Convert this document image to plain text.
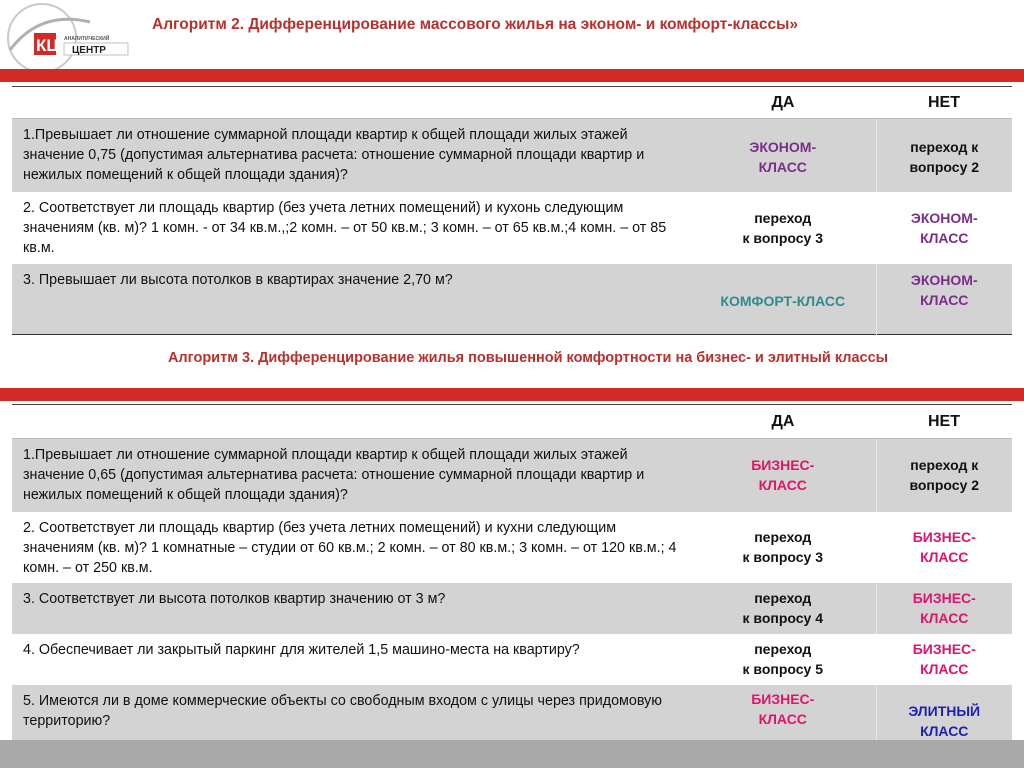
КЦ АНАЛИТИЧЕСКИЙ
ЦЕНТР
Алгоритм 2. Дифференцирование массового жилья на эконом- и комфорт-классы»
	ДА	НЕТ
1.Превышает ли отношение суммарной площади квартир к общей площади жилых этажей значение 0,75 (допустимая альтернатива расчета: отношение суммарной площади квартир и нежилых помещений к общей площади здания)?	ЭКОНОМ-
КЛАСС	переход к
вопросу 2
2. Соответствует ли площадь квартир (без учета летних помещений) и кухонь следующим значениям (кв. м)? 1 комн. - от 34 кв.м.,;2 комн. – от 50 кв.м.; 3 комн. – от 65 кв.м.;4 комн. – от 85 кв.м.	переход
к вопросу 3	ЭКОНОМ-
КЛАСС
3. Превышает ли высота потолков в квартирах значение 2,70 м?	КОМФОРТ-КЛАСС	ЭКОНОМ-
КЛАСС
Алгоритм 3. Дифференцирование жилья повышенной комфортности на бизнес- и элитный классы
	ДА	НЕТ
1.Превышает ли отношение суммарной площади квартир к общей площади жилых этажей значение 0,65 (допустимая альтернатива расчета: отношение суммарной площади квартир и нежилых помещений к общей площади здания)?	БИЗНЕС-
КЛАСС	переход к
вопросу 2
2. Соответствует ли площадь квартир (без учета летних помещений) и кухни следующим значениям (кв. м)? 1 комнатные – студии от 60 кв.м.; 2 комн. – от 80 кв.м.; 3 комн. – от 120 кв.м.; 4 комн. – от 250 кв.м.	переход
к вопросу 3	БИЗНЕС-
КЛАСС
3. Соответствует ли высота потолков квартир значению от 3 м?	переход
к вопросу 4	БИЗНЕС-
КЛАСС
4. Обеспечивает ли закрытый паркинг для жителей 1,5 машино-места на квартиру?	переход
к вопросу 5	БИЗНЕС-
КЛАСС
5. Имеются ли в доме коммерческие объекты со свободным входом с улицы через придомовую территорию?	БИЗНЕС-
КЛАСС	ЭЛИТНЫЙ
КЛАСС
